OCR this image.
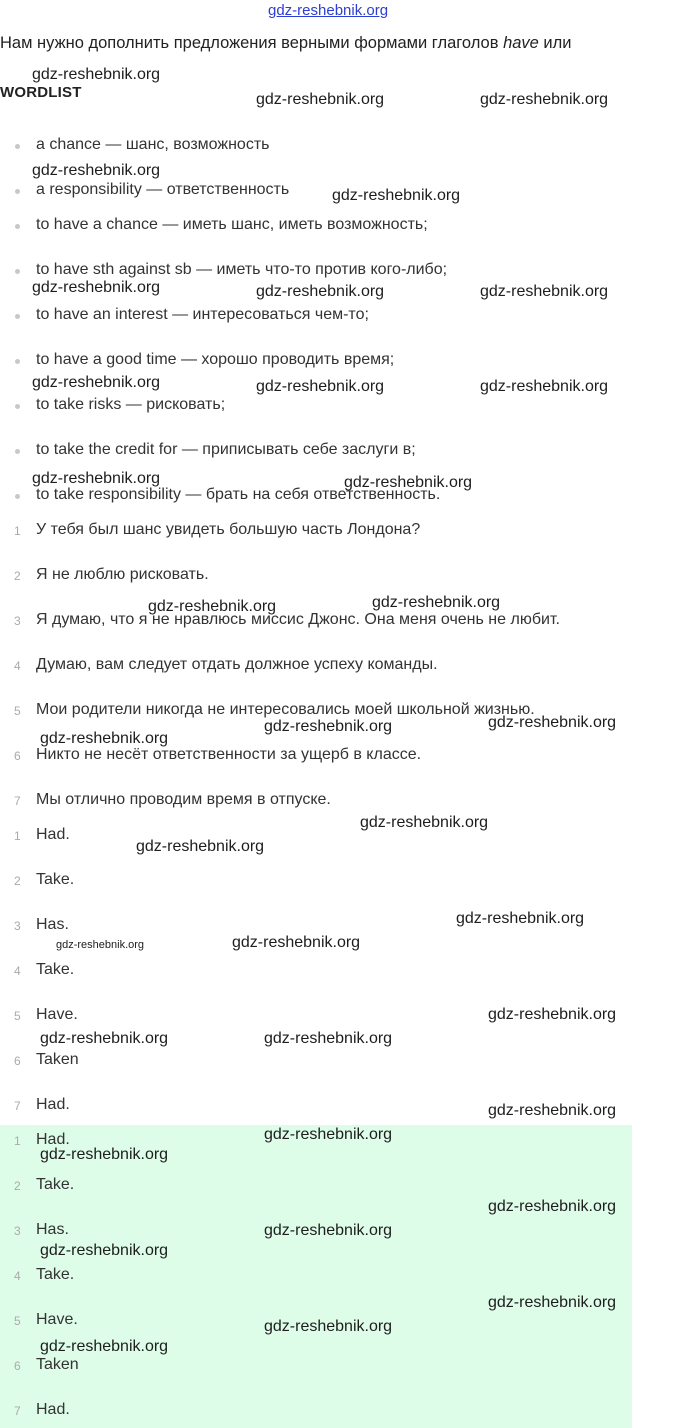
gdz-reshebnik.org
Нам нужно дополнить предложения верными формами глаголов have или
WORDLIST
a chance — шанс, возможность
a responsibility — ответственность
to have a chance — иметь шанс, иметь возможность;
to have sth against sb — иметь что-то против кого-либо;
to have an interest — интересоваться чем-то;
to have a good time — хорошо проводить время;
to take risks — рисковать;
to take the credit for — приписывать себе заслуги в;
to take responsibility — брать на себя ответственность.
1 У тебя был шанс увидеть большую часть Лондона?
2 Я не люблю рисковать.
3 Я думаю, что я не нравлюсь миссис Джонс. Она меня очень не любит.
4 Думаю, вам следует отдать должное успеху команды.
5 Мои родители никогда не интересовались моей школьной жизнью.
6 Никто не несёт ответственности за ущерб в классе.
7 Мы отлично проводим время в отпуске.
1 Had.
2 Take.
3 Has.
4 Take.
5 Have.
6 Taken
7 Had.
1 Had.
2 Take.
3 Has.
4 Take.
5 Have.
6 Taken
7 Had.
gdz-reshebnik.org
gdz-reshebnik.org	gdz-reshebnik.org
gdz-reshebnik.org
gdz-reshebnik.org
gdz-reshebnik.org	gdz-reshebnik.org	gdz-reshebnik.org
gdz-reshebnik.org	gdz-reshebnik.org	gdz-reshebnik.org
gdz-reshebnik.org	gdz-reshebnik.org
gdz-reshebnik.org	gdz-reshebnik.org
gdz-reshebnik.org	gdz-reshebnik.org
gdz-reshebnik.org
gdz-reshebnik.org
gdz-reshebnik.org
gdz-reshebnik.org
gdz-reshebnik.org	gdz-reshebnik.org
gdz-reshebnik.org
gdz-reshebnik.org	gdz-reshebnik.org
gdz-reshebnik.org
gdz-reshebnik.org
gdz-reshebnik.org
gdz-reshebnik.org
gdz-reshebnik.org
gdz-reshebnik.org
gdz-reshebnik.org
gdz-reshebnik.org
gdz-reshebnik.org
